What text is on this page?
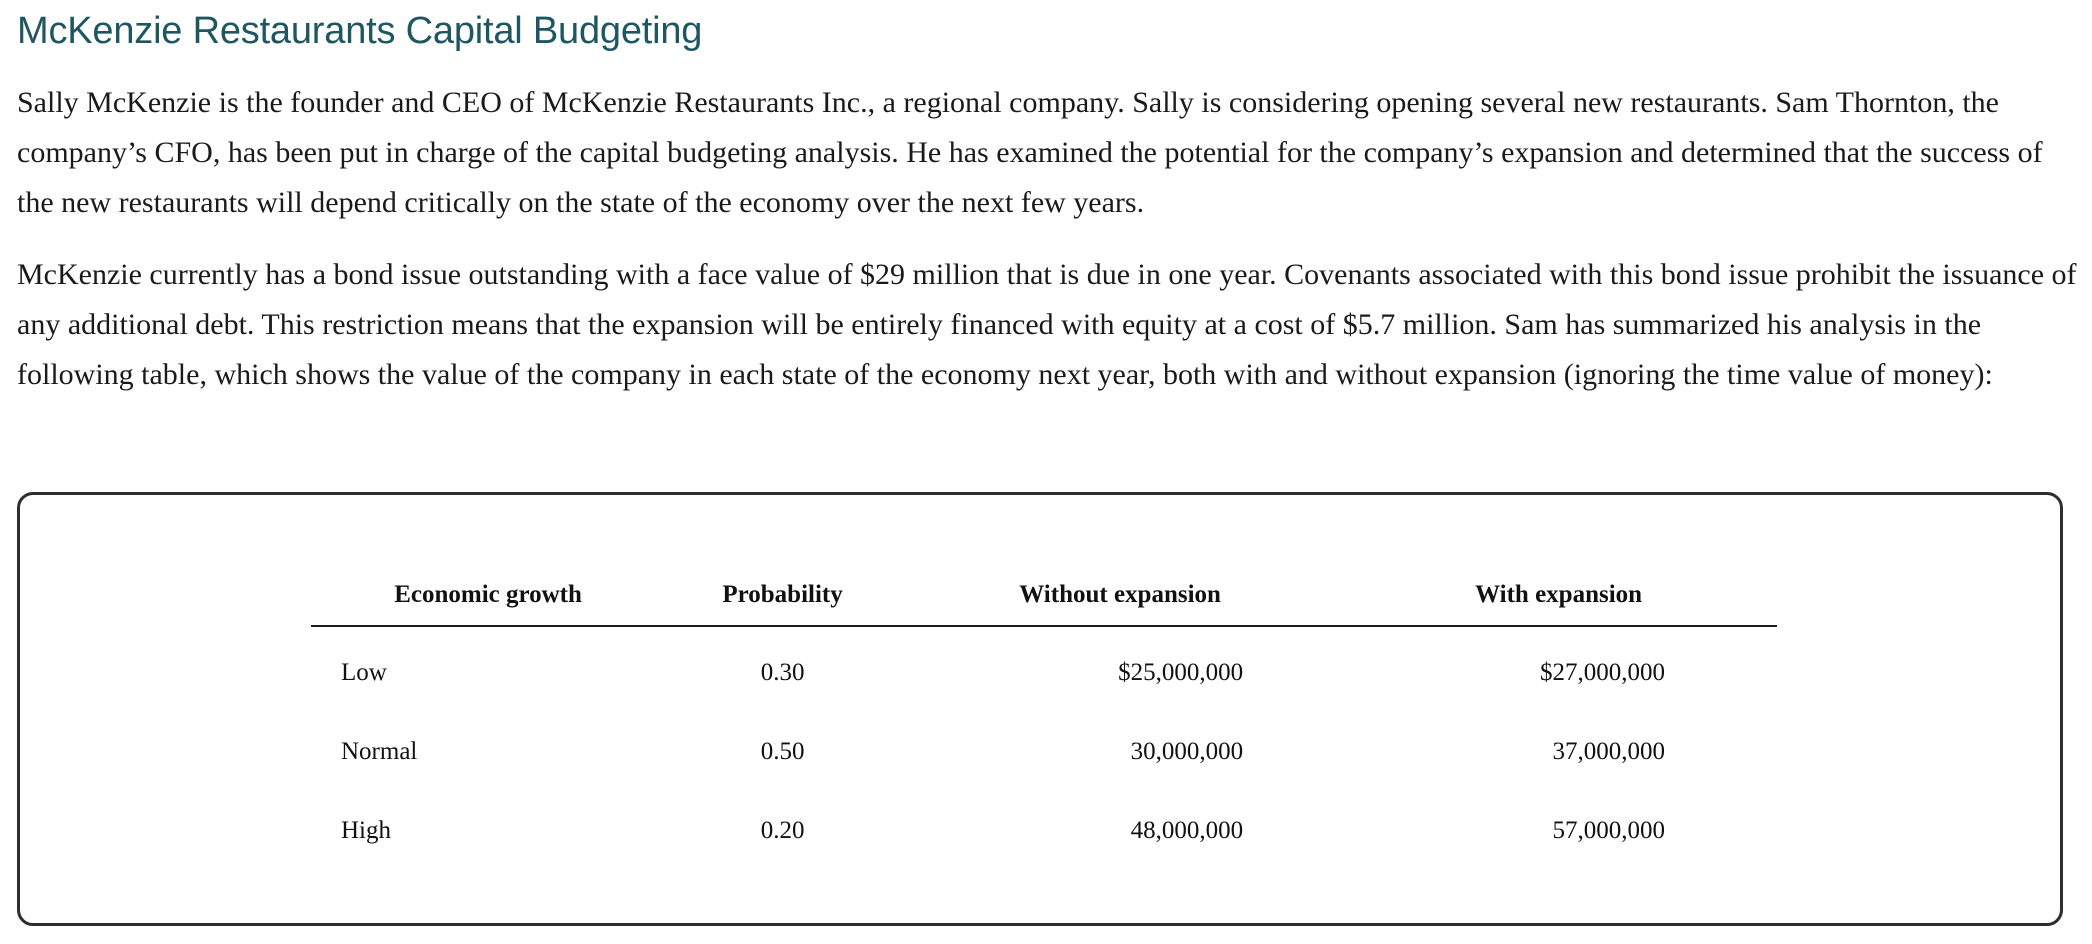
McKenzie Restaurants Capital Budgeting

Sally McKenzie is the founder and CEO of McKenzie Restaurants Inc., a regional company. Sally is considering opening several new restaurants. Sam Thornton, the company’s CFO, has been put in charge of the capital budgeting analysis. He has examined the potential for the company’s expansion and determined that the success of the new restaurants will depend critically on the state of the economy over the next few years.

McKenzie currently has a bond issue outstanding with a face value of $29 million that is due in one year. Covenants associated with this bond issue prohibit the issuance of any additional debt. This restriction means that the expansion will be entirely financed with equity at a cost of $5.7 million. Sam has summarized his analysis in the following table, which shows the value of the company in each state of the economy next year, both with and without expansion (ignoring the time value of money):

Economic growth	Probability	Without expansion	With expansion
Low	0.30	$25,000,000	$27,000,000
Normal	0.50	30,000,000	37,000,000
High	0.20	48,000,000	57,000,000
